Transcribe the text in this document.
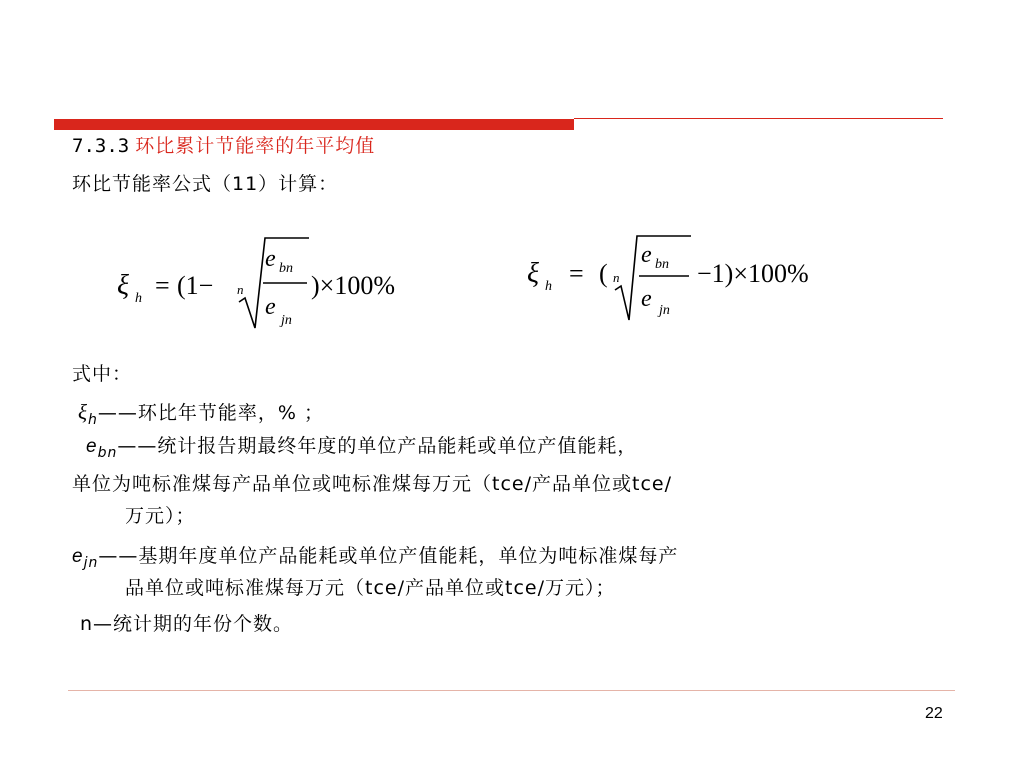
7.3.3 环比累计节能率的年平均值
环比节能率公式（11）计算：
ξ h = (1− n
e bn
e
jn
)×100%	ξ h = ( n
e bn
e jn
−1)×100%
式中：
$\xi_h——$环比年节能率，% ；
$e_{bn}——$统计报告期最终年度的单位产品能耗或单位产值能耗，
单位为吨标准煤每产品单位或吨标准煤每万元（tce/产品单位或tce/
万元）；
$e_{jn}——$基期年度单位产品能耗或单位产值能耗，单位为吨标准煤每产
品单位或吨标准煤每万元（tce/产品单位或tce/万元）；
n—统计期的年份个数。
22
